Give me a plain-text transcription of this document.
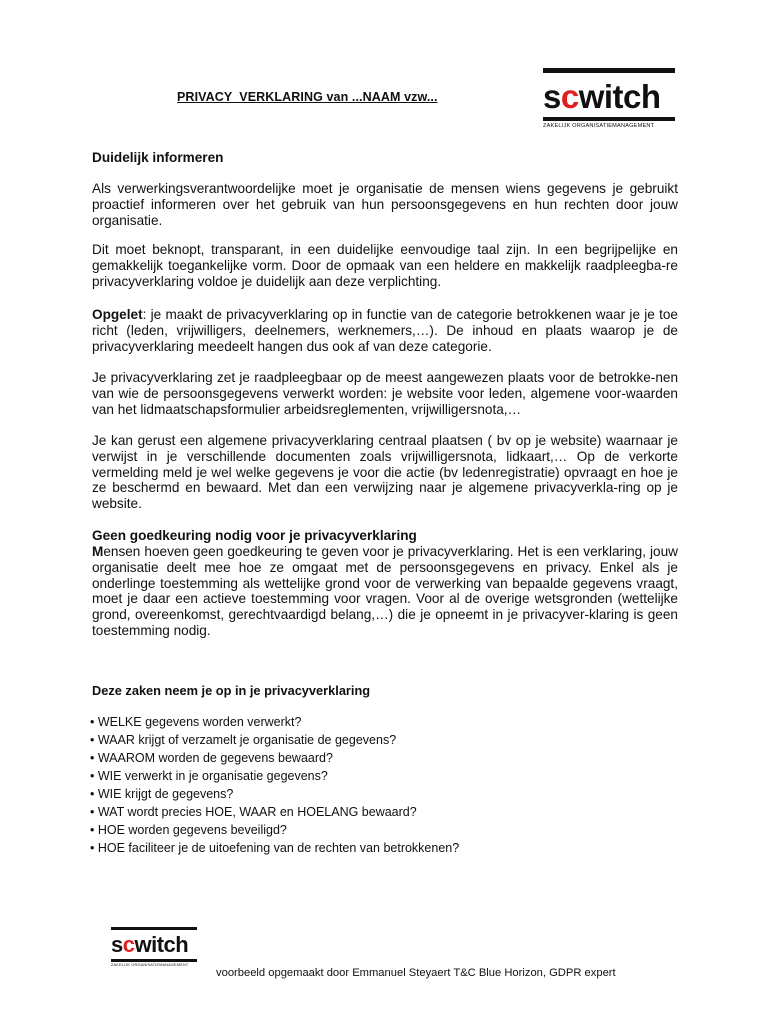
PRIVACY  VERKLARING van ...NAAM vzw...	scwitch
ZAKELIJK ORGANISATIEMANAGEMENT
Duidelijk informeren

Als verwerkingsverantwoordelijke moet je organisatie de mensen wiens gegevens je gebruikt proactief informeren over het gebruik van hun persoonsgegevens en hun rechten door jouw organisatie.

Dit moet beknopt, transparant, in een duidelijke eenvoudige taal zijn. In een begrijpelijke en gemakkelijk toegankelijke vorm. Door de opmaak van een heldere en makkelijk raadpleegba-re privacyverklaring voldoe je duidelijk aan deze verplichting.

Opgelet: je maakt de privacyverklaring op in functie van de categorie betrokkenen waar je je toe richt (leden, vrijwilligers, deelnemers, werknemers,…). De inhoud en plaats waarop je de privacyverklaring meedeelt hangen dus ook af van deze categorie.

Je privacyverklaring zet je raadpleegbaar op de meest aangewezen plaats voor de betrokke-nen van wie de persoonsgegevens verwerkt worden: je website voor leden, algemene voor-waarden van het lidmaatschapsformulier arbeidsreglementen, vrijwilligersnota,…

Je kan gerust een algemene privacyverklaring centraal plaatsen ( bv op je website) waarnaar je verwijst in je verschillende documenten zoals vrijwilligersnota, lidkaart,… Op de verkorte vermelding meld je wel welke gegevens je voor die actie (bv ledenregistratie) opvraagt en hoe je ze beschermd en bewaard. Met dan een verwijzing naar je algemene privacyverkla-ring op je website.

Geen goedkeuring nodig voor je privacyverklaring

Mensen hoeven geen goedkeuring te geven voor je privacyverklaring. Het is een verklaring, jouw organisatie deelt mee hoe ze omgaat met de persoonsgegevens en privacy. Enkel als je onderlinge toestemming als wettelijke grond voor de verwerking van bepaalde gegevens vraagt, moet je daar een actieve toestemming voor vragen. Voor al de overige wetsgronden (wettelijke grond, overeenkomst, gerechtvaardigd belang,…) die je opneemt in je privacyver-klaring is geen toestemming nodig.

Deze zaken neem je op in je privacyverklaring
• WELKE gegevens worden verwerkt?
• WAAR krijgt of verzamelt je organisatie de gegevens?
• WAAROM worden de gegevens bewaard?
• WIE verwerkt in je organisatie gegevens?
• WIE krijgt de gegevens?
• WAT wordt precies HOE, WAAR en HOELANG bewaard?
• HOE worden gegevens beveiligd?
• HOE faciliteer je de uitoefening van de rechten van betrokkenen?
scwitch
ZAKELIJK ORGANISATIEMANAGEMENT
voorbeeld opgemaakt door Emmanuel Steyaert T&C Blue Horizon, GDPR expert
